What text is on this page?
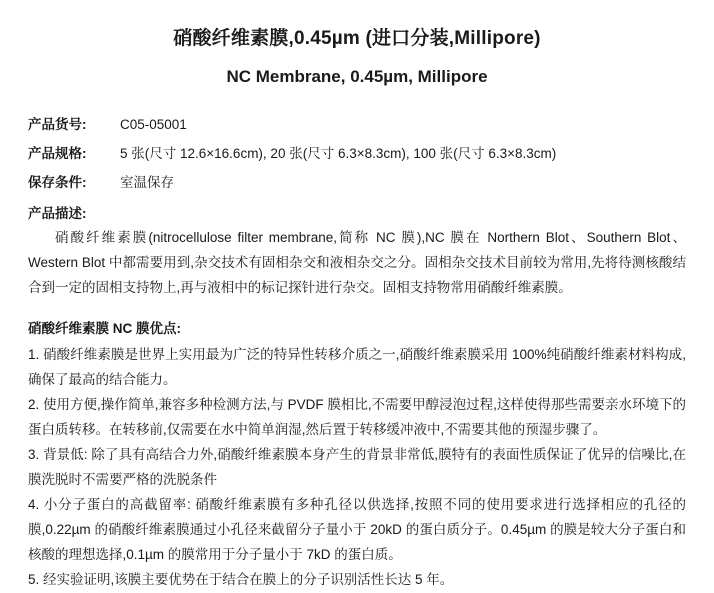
硝酸纤维素膜,0.45µm (进口分装,Millipore)
NC Membrane, 0.45µm, Millipore
产品货号:	C05-05001
产品规格:	5 张(尺寸 12.6×16.6cm), 20 张(尺寸 6.3×8.3cm), 100 张(尺寸 6.3×8.3cm)
保存条件:	室温保存
产品描述:

硝酸纤维素膜(nitrocellulose filter membrane,简称 NC 膜),NC 膜在 Northern Blot、Southern Blot、Western Blot 中都需要用到,杂交技术有固相杂交和液相杂交之分。固相杂交技术目前较为常用,先将待测核酸结合到一定的固相支持物上,再与液相中的标记探针进行杂交。固相支持物常用硝酸纤维素膜。

硝酸纤维素膜 NC 膜优点:

1. 硝酸纤维素膜是世界上实用最为广泛的特异性转移介质之一,硝酸纤维素膜采用 100%纯硝酸纤维素材料构成,确保了最高的结合能力。

2. 使用方便,操作简单,兼容多种检测方法,与 PVDF 膜相比,不需要甲醇浸泡过程,这样使得那些需要亲水环境下的蛋白质转移。在转移前,仅需要在水中简单润湿,然后置于转移缓冲液中,不需要其他的预湿步骤了。

3. 背景低: 除了具有高结合力外,硝酸纤维素膜本身产生的背景非常低,膜特有的表面性质保证了优异的信噪比,在膜洗脱时不需要严格的洗脱条件

4. 小分子蛋白的高截留率: 硝酸纤维素膜有多种孔径以供选择,按照不同的使用要求进行选择相应的孔径的膜,0.22µm 的硝酸纤维素膜通过小孔径来截留分子量小于 20kD 的蛋白质分子。0.45µm 的膜是较大分子蛋白和核酸的理想选择,0.1µm 的膜常用于分子量小于 7kD 的蛋白质。

5. 经实验证明,该膜主要优势在于结合在膜上的分子识别活性长达 5 年。
